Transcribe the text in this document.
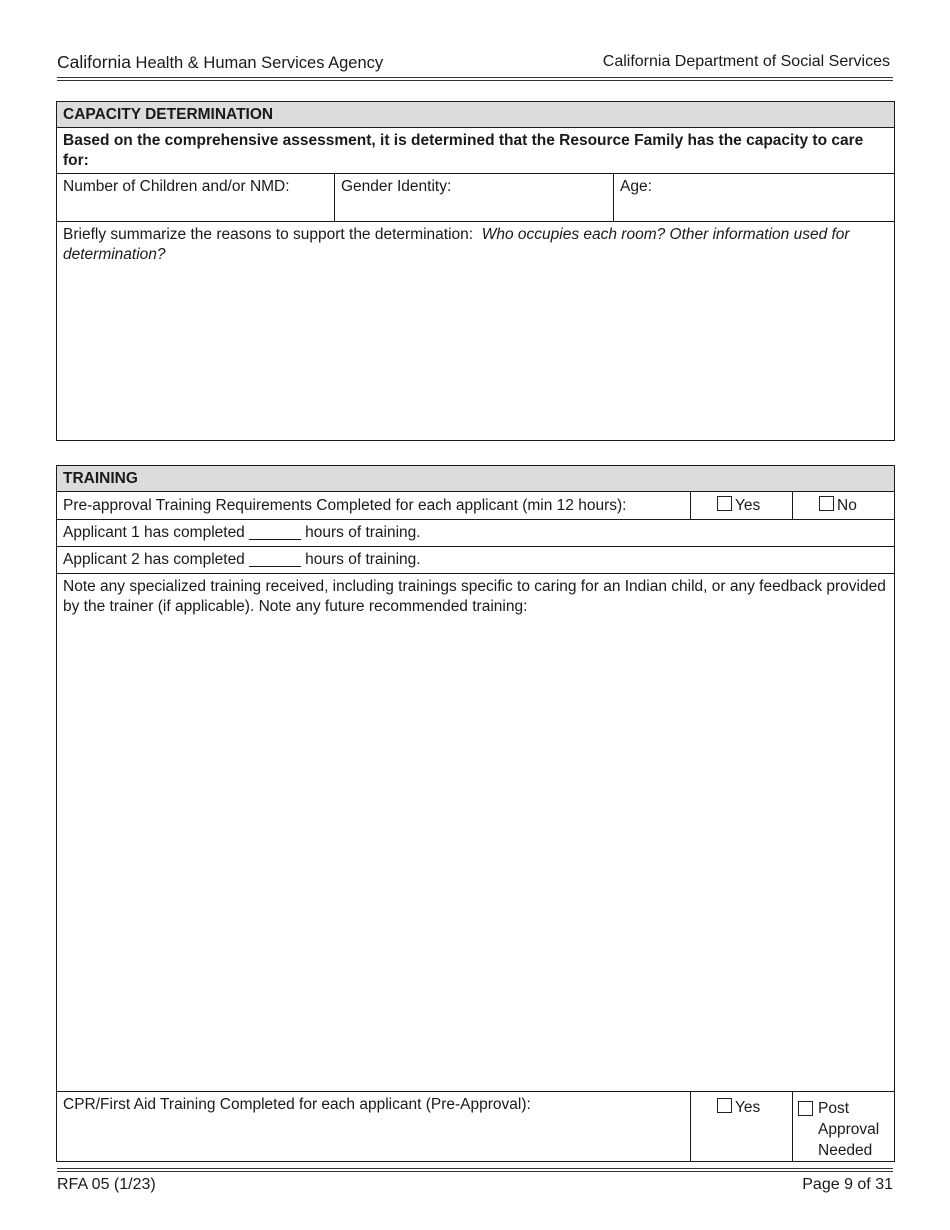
California Health & Human Services Agency	California Department of Social Services
CAPACITY DETERMINATION
Based on the comprehensive assessment, it is determined that the Resource Family has the capacity to care for:
Number of Children and/or NMD:	Gender Identity:	Age:
Briefly summarize the reasons to support the determination: Who occupies each room? Other information used for determination?
TRAINING		
Pre-approval Training Requirements Completed for each applicant (min 12 hours):	Yes	No
Applicant 1 has completed ______ hours of training.		
Applicant 2 has completed ______ hours of training.		
Note any specialized training received, including trainings specific to caring for an Indian child, or any feedback provided by the trainer (if applicable). Note any future recommended training:		
CPR/First Aid Training Completed for each applicant (Pre-Approval):	Yes	Post
Approval
Needed
RFA 05 (1/23)	Page 9 of 31
